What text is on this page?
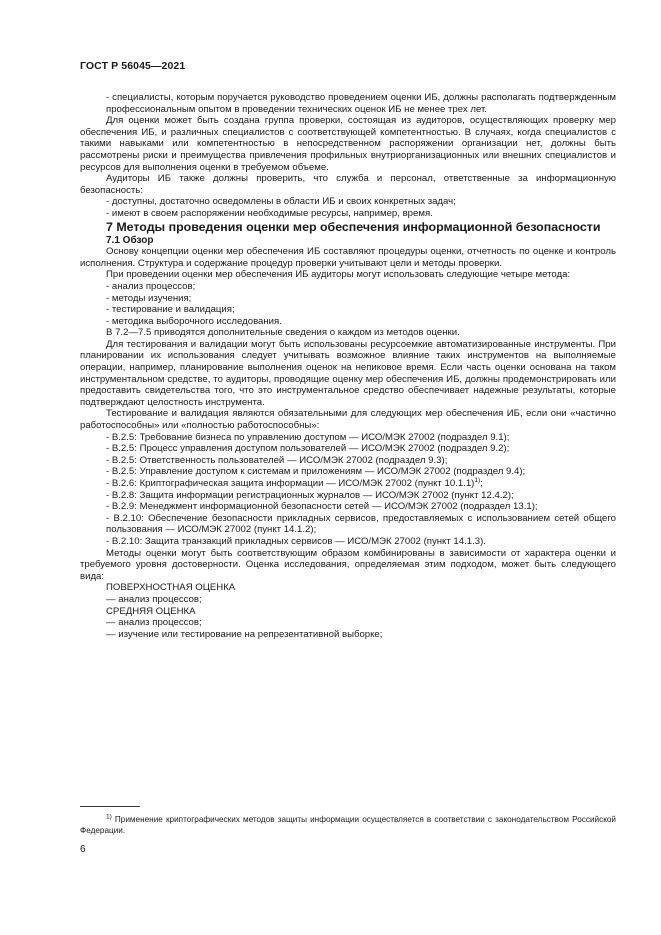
ГОСТ Р 56045—2021

- специалисты, которым поручается руководство проведением оценки ИБ, должны располагать подтвержденным профессиональным опытом в проведении технических оценок ИБ не менее трех лет.

Для оценки может быть создана группа проверки, состоящая из аудиторов, осуществляющих проверку мер обеспечения ИБ, и различных специалистов с соответствующей компетентностью. В случаях, когда специалистов с такими навыками или компетентностью в непосредственном распоряжении организации нет, должны быть рассмотрены риски и преимущества привлечения профильных внутриорганизационных или внешних специалистов и ресурсов для выполнения оценки в требуемом объеме.

Аудиторы ИБ также должны проверить, что служба и персонал, ответственные за информационную безопасность:

- доступны, достаточно осведомлены в области ИБ и своих конкретных задач;

- имеют в своем распоряжении необходимые ресурсы, например, время.

7 Методы проведения оценки мер обеспечения информационной безопасности

7.1 Обзор

Основу концепции оценки мер обеспечения ИБ составляют процедуры оценки, отчетность по оценке и контроль исполнения. Структура и содержание процедур проверки учитывают цели и методы проверки.

При проведении оценки мер обеспечения ИБ аудиторы могут использовать следующие четыре метода:

- анализ процессов;

- методы изучения;

- тестирование и валидация;

- методика выборочного исследования.

В 7.2—7.5 приводятся дополнительные сведения о каждом из методов оценки.

Для тестирования и валидации могут быть использованы ресурсоемкие автоматизированные инструменты. При планировании их использования следует учитывать возможное влияние таких инструментов на выполняемые операции, например, планирование выполнения оценок на непиковое время. Если часть оценки основана на таком инструментальном средстве, то аудиторы, проводящие оценку мер обеспечения ИБ, должны продемонстрировать или предоставить свидетельства того, что это инструментальное средство обеспечивает надежные результаты, которые подтверждают целостность инструмента.

Тестирование и валидация являются обязательными для следующих мер обеспечения ИБ, если они «частично работоспособны» или «полностью работоспособны»:

- В.2.5: Требование бизнеса по управлению доступом — ИСО/МЭК 27002 (подраздел 9.1);

- В.2.5: Процесс управления доступом пользователей — ИСО/МЭК 27002 (подраздел 9.2);

- В.2.5: Ответственность пользователей — ИСО/МЭК 27002 (подраздел 9.3);

- В.2.5: Управление доступом к системам и приложениям — ИСО/МЭК 27002 (подраздел 9.4);

- В.2.6: Криптографическая защита информации — ИСО/МЭК 27002 (пункт 10.1.1)$^{1)}$;

- В.2.8: Защита информации регистрационных журналов — ИСО/МЭК 27002 (пункт 12.4.2);

- В.2.9: Менеджмент информационной безопасности сетей — ИСО/МЭК 27002 (подраздел 13.1);

- В.2.10: Обеспечение безопасности прикладных сервисов, предоставляемых с использованием сетей общего пользования — ИСО/МЭК 27002 (пункт 14.1.2);

- В.2.10: Защита транзакций прикладных сервисов — ИСО/МЭК 27002 (пункт 14.1.3).

Методы оценки могут быть соответствующим образом комбинированы в зависимости от характера оценки и требуемого уровня достоверности. Оценка исследования, определяемая этим подходом, может быть следующего вида:

ПОВЕРХНОСТНАЯ ОЦЕНКА

— анализ процессов;

СРЕДНЯЯ ОЦЕНКА

— анализ процессов;

— изучение или тестирование на репрезентативной выборке;

$^{1)}$ Применение криптографических методов защиты информации осуществляется в соответствии с законодательством Российской Федерации.
6
